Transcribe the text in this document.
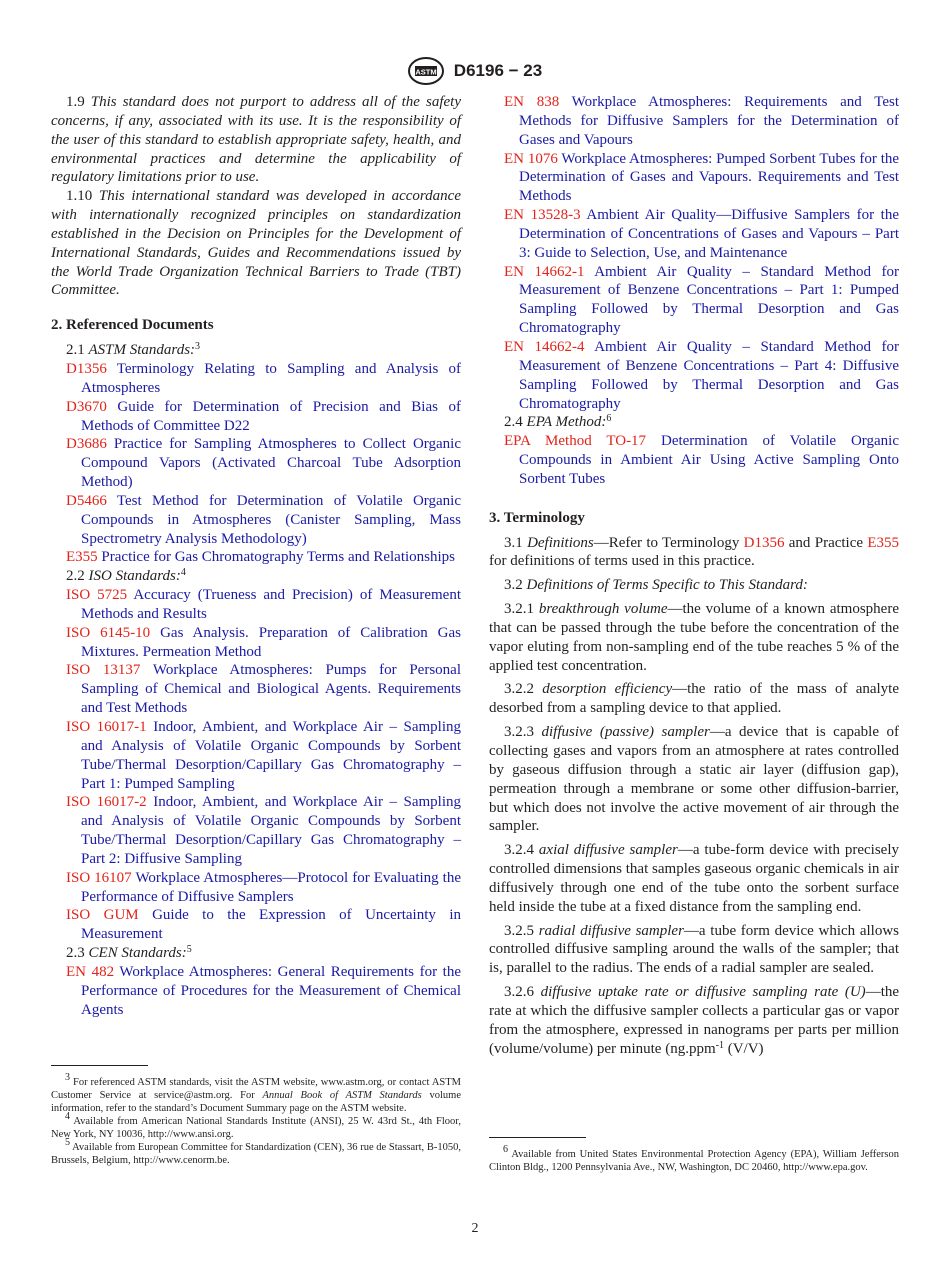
ASTM D6196 − 23

1.9 This standard does not purport to address all of the safety concerns, if any, associated with its use. It is the responsibility of the user of this standard to establish appropriate safety, health, and environmental practices and determine the applicability of regulatory limitations prior to use.

1.10 This international standard was developed in accordance with internationally recognized principles on standardization established in the Decision on Principles for the Development of International Standards, Guides and Recommendations issued by the World Trade Organization Technical Barriers to Trade (TBT) Committee.

2. Referenced Documents

2.1 ASTM Standards:$^3$

D1356 Terminology Relating to Sampling and Analysis of Atmospheres

D3670 Guide for Determination of Precision and Bias of Methods of Committee D22

D3686 Practice for Sampling Atmospheres to Collect Organic Compound Vapors (Activated Charcoal Tube Adsorption Method)

D5466 Test Method for Determination of Volatile Organic Compounds in Atmospheres (Canister Sampling, Mass Spectrometry Analysis Methodology)

E355 Practice for Gas Chromatography Terms and Relationships

2.2 ISO Standards:$^4$

ISO 5725 Accuracy (Trueness and Precision) of Measurement Methods and Results

ISO 6145-10 Gas Analysis. Preparation of Calibration Gas Mixtures. Permeation Method

ISO 13137 Workplace Atmospheres: Pumps for Personal Sampling of Chemical and Biological Agents. Requirements and Test Methods

ISO 16017-1 Indoor, Ambient, and Workplace Air – Sampling and Analysis of Volatile Organic Compounds by Sorbent Tube/Thermal Desorption/Capillary Gas Chromatography – Part 1: Pumped Sampling

ISO 16017-2 Indoor, Ambient, and Workplace Air – Sampling and Analysis of Volatile Organic Compounds by Sorbent Tube/Thermal Desorption/Capillary Gas Chromatography – Part 2: Diffusive Sampling

ISO 16107 Workplace Atmospheres—Protocol for Evaluating the Performance of Diffusive Samplers

ISO GUM Guide to the Expression of Uncertainty in Measurement

2.3 CEN Standards:$^5$

EN 482 Workplace Atmospheres: General Requirements for the Performance of Procedures for the Measurement of Chemical Agents

$^3$ For referenced ASTM standards, visit the ASTM website, www.astm.org, or contact ASTM Customer Service at service@astm.org. For Annual Book of ASTM Standards volume information, refer to the standard’s Document Summary page on the ASTM website.

$^4$ Available from American National Standards Institute (ANSI), 25 W. 43rd St., 4th Floor, New York, NY 10036, http://www.ansi.org.

$^5$ Available from European Committee for Standardization (CEN), 36 rue de Stassart, B-1050, Brussels, Belgium, http://www.cenorm.be.

EN 838 Workplace Atmospheres: Requirements and Test Methods for Diffusive Samplers for the Determination of Gases and Vapours

EN 1076 Workplace Atmospheres: Pumped Sorbent Tubes for the Determination of Gases and Vapours. Requirements and Test Methods

EN 13528-3 Ambient Air Quality—Diffusive Samplers for the Determination of Concentrations of Gases and Vapours – Part 3: Guide to Selection, Use, and Maintenance

EN 14662-1 Ambient Air Quality – Standard Method for Measurement of Benzene Concentrations – Part 1: Pumped Sampling Followed by Thermal Desorption and Gas Chromatography

EN 14662-4 Ambient Air Quality – Standard Method for Measurement of Benzene Concentrations – Part 4: Diffusive Sampling Followed by Thermal Desorption and Gas Chromatography

2.4 EPA Method:$^6$

EPA Method TO-17 Determination of Volatile Organic Compounds in Ambient Air Using Active Sampling Onto Sorbent Tubes

3. Terminology

3.1 Definitions—Refer to Terminology D1356 and Practice E355 for definitions of terms used in this practice.

3.2 Definitions of Terms Specific to This Standard:

3.2.1 breakthrough volume—the volume of a known atmosphere that can be passed through the tube before the concentration of the vapor eluting from non-sampling end of the tube reaches 5 % of the applied test concentration.

3.2.2 desorption efficiency—the ratio of the mass of analyte desorbed from a sampling device to that applied.

3.2.3 diffusive (passive) sampler—a device that is capable of collecting gases and vapors from an atmosphere at rates controlled by gaseous diffusion through a static air layer (diffusion gap), permeation through a membrane or some other diffusion-barrier, but which does not involve the active movement of air through the sampler.

3.2.4 axial diffusive sampler—a tube-form device with precisely controlled dimensions that samples gaseous organic chemicals in air diffusively through one end of the tube onto the sorbent surface held inside the tube at a fixed distance from the sampling end.

3.2.5 radial diffusive sampler—a tube form device which allows controlled diffusive sampling around the walls of the sampler; that is, parallel to the radius. The ends of a radial sampler are sealed.

3.2.6 diffusive uptake rate or diffusive sampling rate (U)—the rate at which the diffusive sampler collects a particular gas or vapor from the atmosphere, expressed in nanograms per parts per million (volume/volume) per minute (ng.ppm$^{-1}$ (V/V)

$^6$ Available from United States Environmental Protection Agency (EPA), William Jefferson Clinton Bldg., 1200 Pennsylvania Ave., NW, Washington, DC 20460, http://www.epa.gov.

2
